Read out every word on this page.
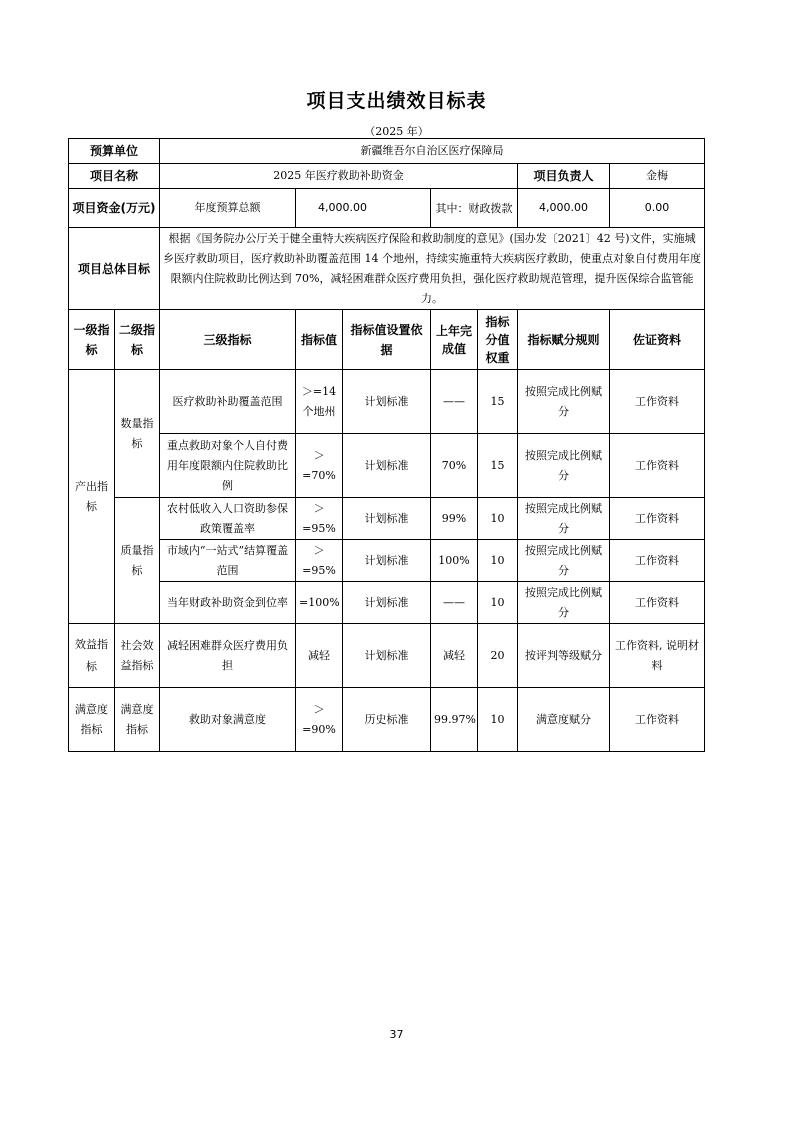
项目支出绩效目标表
（2025 年）
预算单位		新疆维吾尔自治区医疗保障局						
项目名称		2025 年医疗救助补助资金					项目负责人	金梅
项目资金(万元)		年度预算总额	4,000.00		其中：财政拨款		4,000.00	0.00
项目总体目标		根据《国务院办公厅关于健全重特大疾病医疗保险和救助制度的意见》(国办发〔2021〕42 号)文件，实施城乡医疗救助项目，医疗救助补助覆盖范围 14 个地州，持续实施重特大疾病医疗救助，使重点对象自付费用年度限额内住院救助比例达到 70%，减轻困难群众医疗费用负担，强化医疗救助规范管理，提升医保综合监管能力。						
一级指标	二级指标	三级指标	指标值	指标值设置依据	上年完成值	指标分值权重	指标赋分规则	佐证资料
产出指标	数量指标	医疗救助补助覆盖范围	＞=14个地州	计划标准	——	15	按照完成比例赋分	工作资料
		重点救助对象个人自付费用年度限额内住院救助比例	＞=70%	计划标准	70%	15	按照完成比例赋分	工作资料
	质量指标	农村低收入人口资助参保政策覆盖率	＞=95%	计划标准	99%	10	按照完成比例赋分	工作资料
		市域内“一站式”结算覆盖范围	＞=95%	计划标准	100%	10	按照完成比例赋分	工作资料
		当年财政补助资金到位率	=100%	计划标准	——	10	按照完成比例赋分	工作资料
效益指标	社会效益指标	减轻困难群众医疗费用负担	减轻	计划标准	减轻	20	按评判等级赋分	工作资料, 说明材料
满意度指标	满意度指标	救助对象满意度	＞=90%	历史标准	99.97%	10	满意度赋分	工作资料
37
